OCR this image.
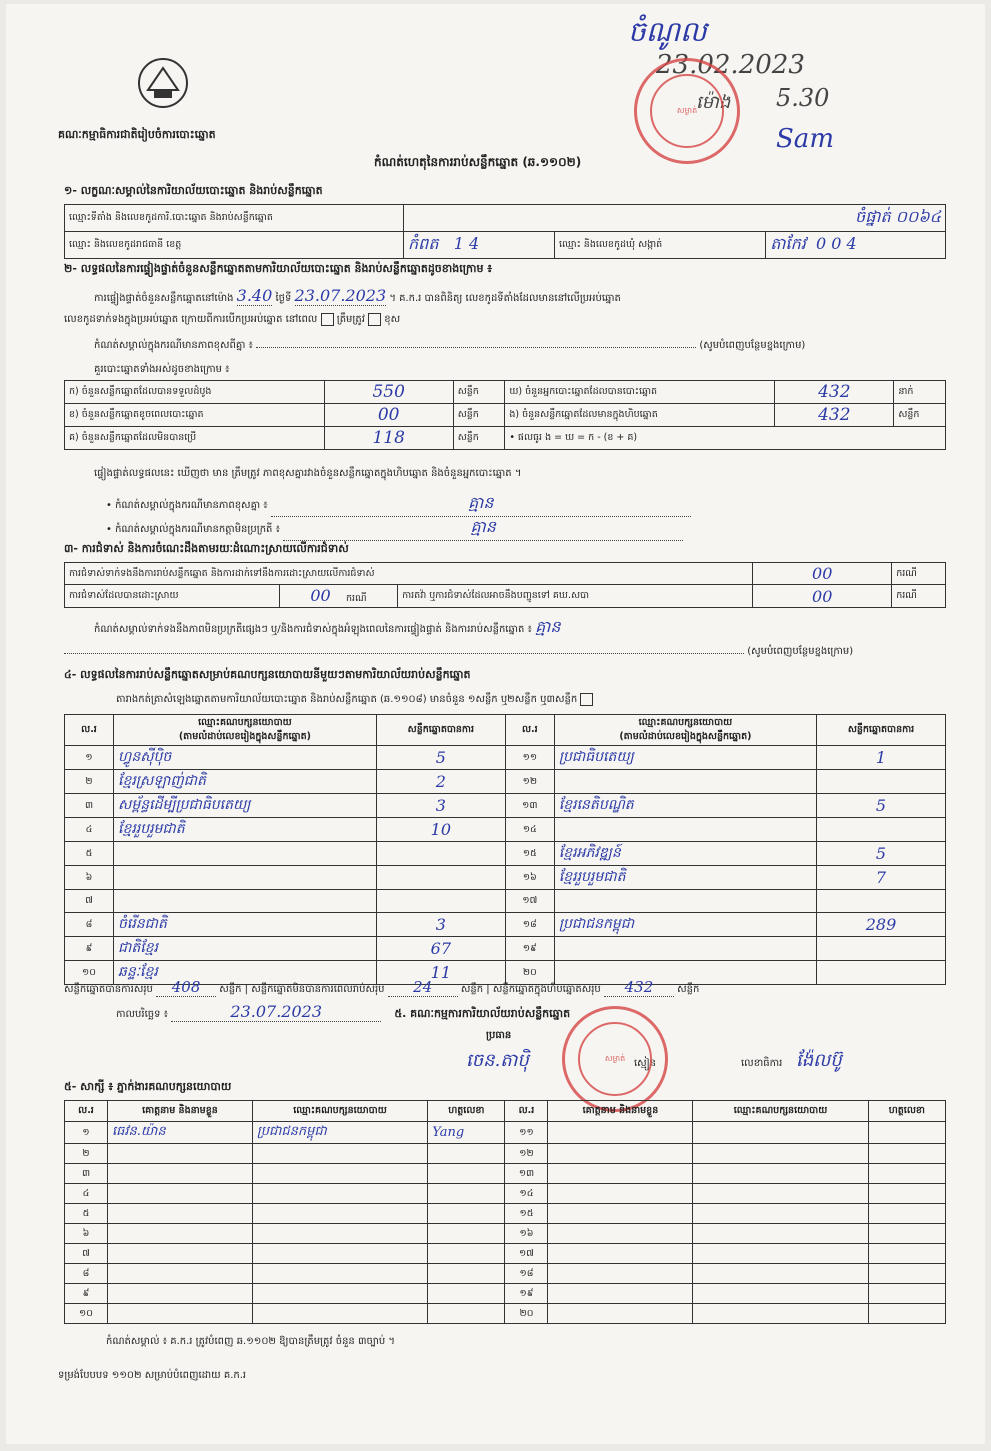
គណៈកម្មាធិការជាតិរៀបចំការបោះឆ្នោត
កំណត់ហេតុនៃការរាប់សន្លឹកឆ្នោត (ឆ.១១០២)
ចំណូល
23.02.2023
ម៉ោង 5.30
Sam
សម្ងាត់
១- លក្ខណៈសម្គាល់នៃការិយាល័យបោះឆ្នោត និងរាប់សន្លឹកឆ្នោត
ឈ្មោះទីតាំង និងលេខកូដការិ.បោះឆ្នោត និងរាប់សន្លឹកឆ្នោត	ចំផ្នាត់ ០០៦៤		
ឈ្មោះ និងលេខកូដរាជធានី ខេត្ត	កំពត 1 4	ឈ្មោះ និងលេខកូដឃុំ សង្កាត់	តាកែវ 0 0 4
២- លទ្ធផលនៃការផ្ទៀងផ្ទាត់ចំនួនសន្លឹកឆ្នោតតាមការិយាល័យបោះឆ្នោត និងរាប់សន្លឹកឆ្នោតដូចខាងក្រោម ៖
ការផ្ទៀងផ្ទាត់ចំនួនសន្លឹកឆ្នោតនៅម៉ោង 3.40 ថ្ងៃទី 23.07.2023 ។ គ.ក.រ បានពិនិត្យ លេខកូដទីតាំងដែលមាននៅលើប្រអប់ឆ្នោត
លេខកូដទាក់ទងក្នុងប្រអប់ឆ្នោត ក្រោយពីការបើកប្រអប់ឆ្នោត នៅពេល ត្រឹមត្រូវ ខុស
កំណត់សម្គាល់ក្នុងករណីមានភាពខុសពីគ្នា ៖	(សូមបំពេញបន្ថែមខ្នងក្រោម)
គួរបោះឆ្នោតទាំងអស់ដូចខាងក្រោម ៖
ក) ចំនួនសន្លឹកឆ្នោតដែលបានទទួលដំបូង	550	សន្លឹក	ឃ) ចំនួនអ្នកបោះឆ្នោតដែលបានបោះឆ្នោត	432	នាក់
ខ) ចំនួនសន្លឹកឆ្នោតខូចពេលបោះឆ្នោត	00	សន្លឹក	ង) ចំនួនសន្លឹកឆ្នោតដែលមានក្នុងហិបឆ្នោត	432	សន្លឹក
គ) ចំនួនសន្លឹកឆ្នោតដែលមិនបានប្រើ	118	សន្លឹក	• ផលធូរ ង = ឃ = ក - (ខ + គ)		
ផ្ទៀងផ្ទាត់លទ្ធផលនេះ ឃើញថា មាន ត្រឹមត្រូវ ភាពខុសគ្នារវាងចំនួនសន្លឹកឆ្នោតក្នុងហិបឆ្នោត និងចំនួនអ្នកបោះឆ្នោត ។
• កំណត់សម្គាល់ក្នុងករណីមានភាពខុសគ្នា ៖	គ្មាន
• កំណត់សម្គាល់ក្នុងករណីមានកត្តាមិនប្រក្រតី ៖	គ្មាន
៣- ការជំទាស់ និងការចំណេះដឹងតាមរយៈដំណោះស្រាយលើការជំទាស់
ការជំទាស់ទាក់ទងនឹងការរាប់សន្លឹកឆ្នោត និងការដាក់ទៅនឹងការដោះស្រាយលើការជំទាស់			00	ករណី
ការជំទាស់ដែលបានដោះស្រាយ	00 ករណី	ការតវ៉ា ឬការជំទាស់ដែលអាចនឹងបញ្ជូនទៅ គឃ.សបា	00	ករណី
កំណត់សម្គាល់ទាក់ទងនឹងភាពមិនប្រក្រតីផ្សេងៗ ឬ/និងការជំទាស់ក្នុងអំឡុងពេលនៃការផ្ទៀងផ្ទាត់ និងការរាប់សន្លឹកឆ្នោត ៖ គ្មាន
(សូមបំពេញបន្ថែមខ្នងក្រោម)
៤- លទ្ធផលនៃការរាប់សន្លឹកឆ្នោតសម្រាប់គណបក្សនយោបាយនីមួយៗតាមការិយាល័យរាប់សន្លឹកឆ្នោត
តារាងកត់ត្រាសំឡេងឆ្នោតតាមការិយាល័យបោះឆ្នោត និងរាប់សន្លឹកឆ្នោត (ឆ.១១០៨) មានចំនួន ១សន្លឹក ឬ២សន្លឹក ឬ៣សន្លឹក
ល.រ	ឈ្មោះគណបក្សនយោបាយ
(តាមលំដាប់លេខរៀងក្នុងសន្លឹកឆ្នោត)	សន្លឹកឆ្នោតបានការ	ល.រ	ឈ្មោះគណបក្សនយោបាយ
(តាមលំដាប់លេខរៀងក្នុងសន្លឹកឆ្នោត)	សន្លឹកឆ្នោតបានការ
១	ហ្វូនស៊ីប៉ិច	5	១១	ប្រជាធិបតេយ្យ	1
២	ខ្មែរស្រឡាញ់ជាតិ	2	១២		
៣	សម្ព័ន្ធដើម្បីប្រជាធិបតេយ្យ	3	១៣	ខ្មែរនេតិបណ្ឌិត	5
៤	ខ្មែររួបរួមជាតិ	10	១៤		
៥			១៥	ខ្មែរអភិវឌ្ឍន៍	5
៦			១៦	ខ្មែររួបរួមជាតិ	7
៧			១៧		
៨	ចំរើនជាតិ	3	១៨	ប្រជាជនកម្ពុជា	289
៩	ជាតិខ្មែរ	67	១៩		
១០	ឆន្ទៈខ្មែរ	11	២០		
សន្លឹកឆ្នោតបានការសរុប 408 សន្លឹក | សន្លឹកឆ្នោតមិនបានការពេលរាប់សរុប 24	សន្លឹក | សន្លឹកឆ្នោតក្នុងហិបឆ្នោតសរុប 432 សន្លឹក
កាលបរិច្ឆេទ ៖	23.07.2023	៥. គណៈកម្មការការិយាល័យរាប់សន្លឹកឆ្នោត
ប្រធាន
ចេន.តាប៉ិ	ស្មៀន	លេខាធិការ ង៉ែលប៊ូ
សម្ងាត់
៥- សាក្សី ៖ ភ្នាក់ងារគណបក្សនយោបាយ
ល.រ	គោត្តនាម និងនាមខ្លួន	ឈ្មោះគណបក្សនយោបាយ	ហត្ថលេខា	ល.រ	គោត្តនាម និងនាមខ្លួន	ឈ្មោះគណបក្សនយោបាយ	ហត្ថលេខា
១	ធេវន.យ៉ាន	ប្រជាជនកម្ពុជា	Yang	១១			
២				១២			
៣				១៣			
៤				១៤			
៥				១៥			
៦				១៦			
៧				១៧			
៨				១៨			
៩				១៩			
១០				២០			
កំណត់សម្គាល់ ៖ គ.ក.រ ត្រូវបំពេញ ឆ.១១០២ ឱ្យបានត្រឹមត្រូវ ចំនួន ៣ច្បាប់ ។
ទម្រង់បែបបទ ១១០២ សម្រាប់បំពេញដោយ គ.ក.រ
